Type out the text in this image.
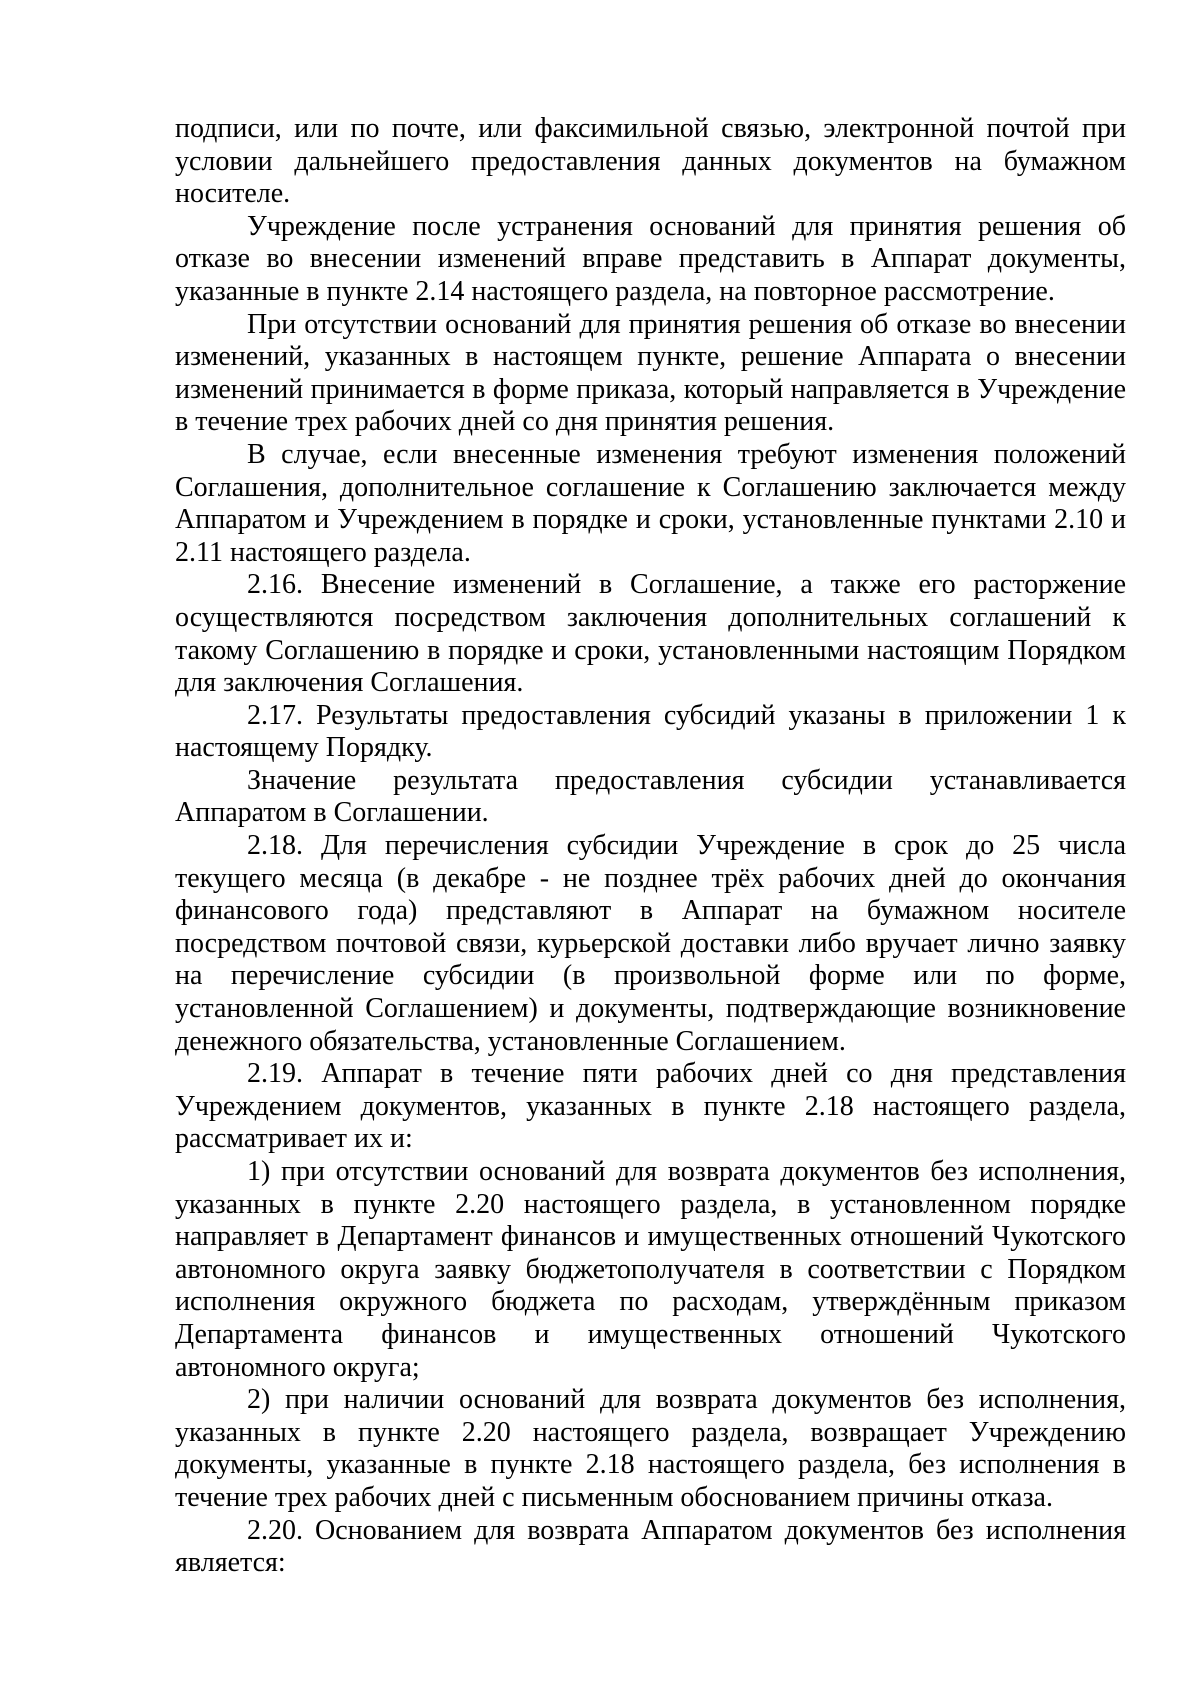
подписи, или по почте, или факсимильной связью, электронной почтой при условии дальнейшего предоставления данных документов на бумажном носителе.

Учреждение после устранения оснований для принятия решения об отказе во внесении изменений вправе представить в Аппарат документы, указанные в пункте 2.14 настоящего раздела, на повторное рассмотрение.

При отсутствии оснований для принятия решения об отказе во внесении изменений, указанных в настоящем пункте, решение Аппарата о внесении изменений принимается в форме приказа, который направляется в Учреждение в течение трех рабочих дней со дня принятия решения.

В случае, если внесенные изменения требуют изменения положений Соглашения, дополнительное соглашение к Соглашению заключается между Аппаратом и Учреждением в порядке и сроки, установленные пунктами 2.10 и 2.11 настоящего раздела.

2.16. Внесение изменений в Соглашение, а также его расторжение осуществляются посредством заключения дополнительных соглашений к такому Соглашению в порядке и сроки, установленными настоящим Порядком для заключения Соглашения.

2.17. Результаты предоставления субсидий указаны в приложении 1 к настоящему Порядку.

Значение результата предоставления субсидии устанавливается Аппаратом в Соглашении.

2.18. Для перечисления субсидии Учреждение в срок до 25 числа текущего месяца (в декабре - не позднее трёх рабочих дней до окончания финансового года) представляют в Аппарат на бумажном носителе посредством почтовой связи, курьерской доставки либо вручает лично заявку на перечисление субсидии (в произвольной форме или по форме, установленной Соглашением) и документы, подтверждающие возникновение денежного обязательства, установленные Соглашением.

2.19. Аппарат в течение пяти рабочих дней со дня представления Учреждением документов, указанных в пункте 2.18 настоящего раздела, рассматривает их и:

1) при отсутствии оснований для возврата документов без исполнения, указанных в пункте 2.20 настоящего раздела, в установленном порядке направляет в Департамент финансов и имущественных отношений Чукотского автономного округа заявку бюджетополучателя в соответствии с Порядком исполнения окружного бюджета по расходам, утверждённым приказом Департамента финансов и имущественных отношений Чукотского автономного округа;

2) при наличии оснований для возврата документов без исполнения, указанных в пункте 2.20 настоящего раздела, возвращает Учреждению документы, указанные в пункте 2.18 настоящего раздела, без исполнения в течение трех рабочих дней с письменным обоснованием причины отказа.

2.20. Основанием для возврата Аппаратом документов без исполнения является:
